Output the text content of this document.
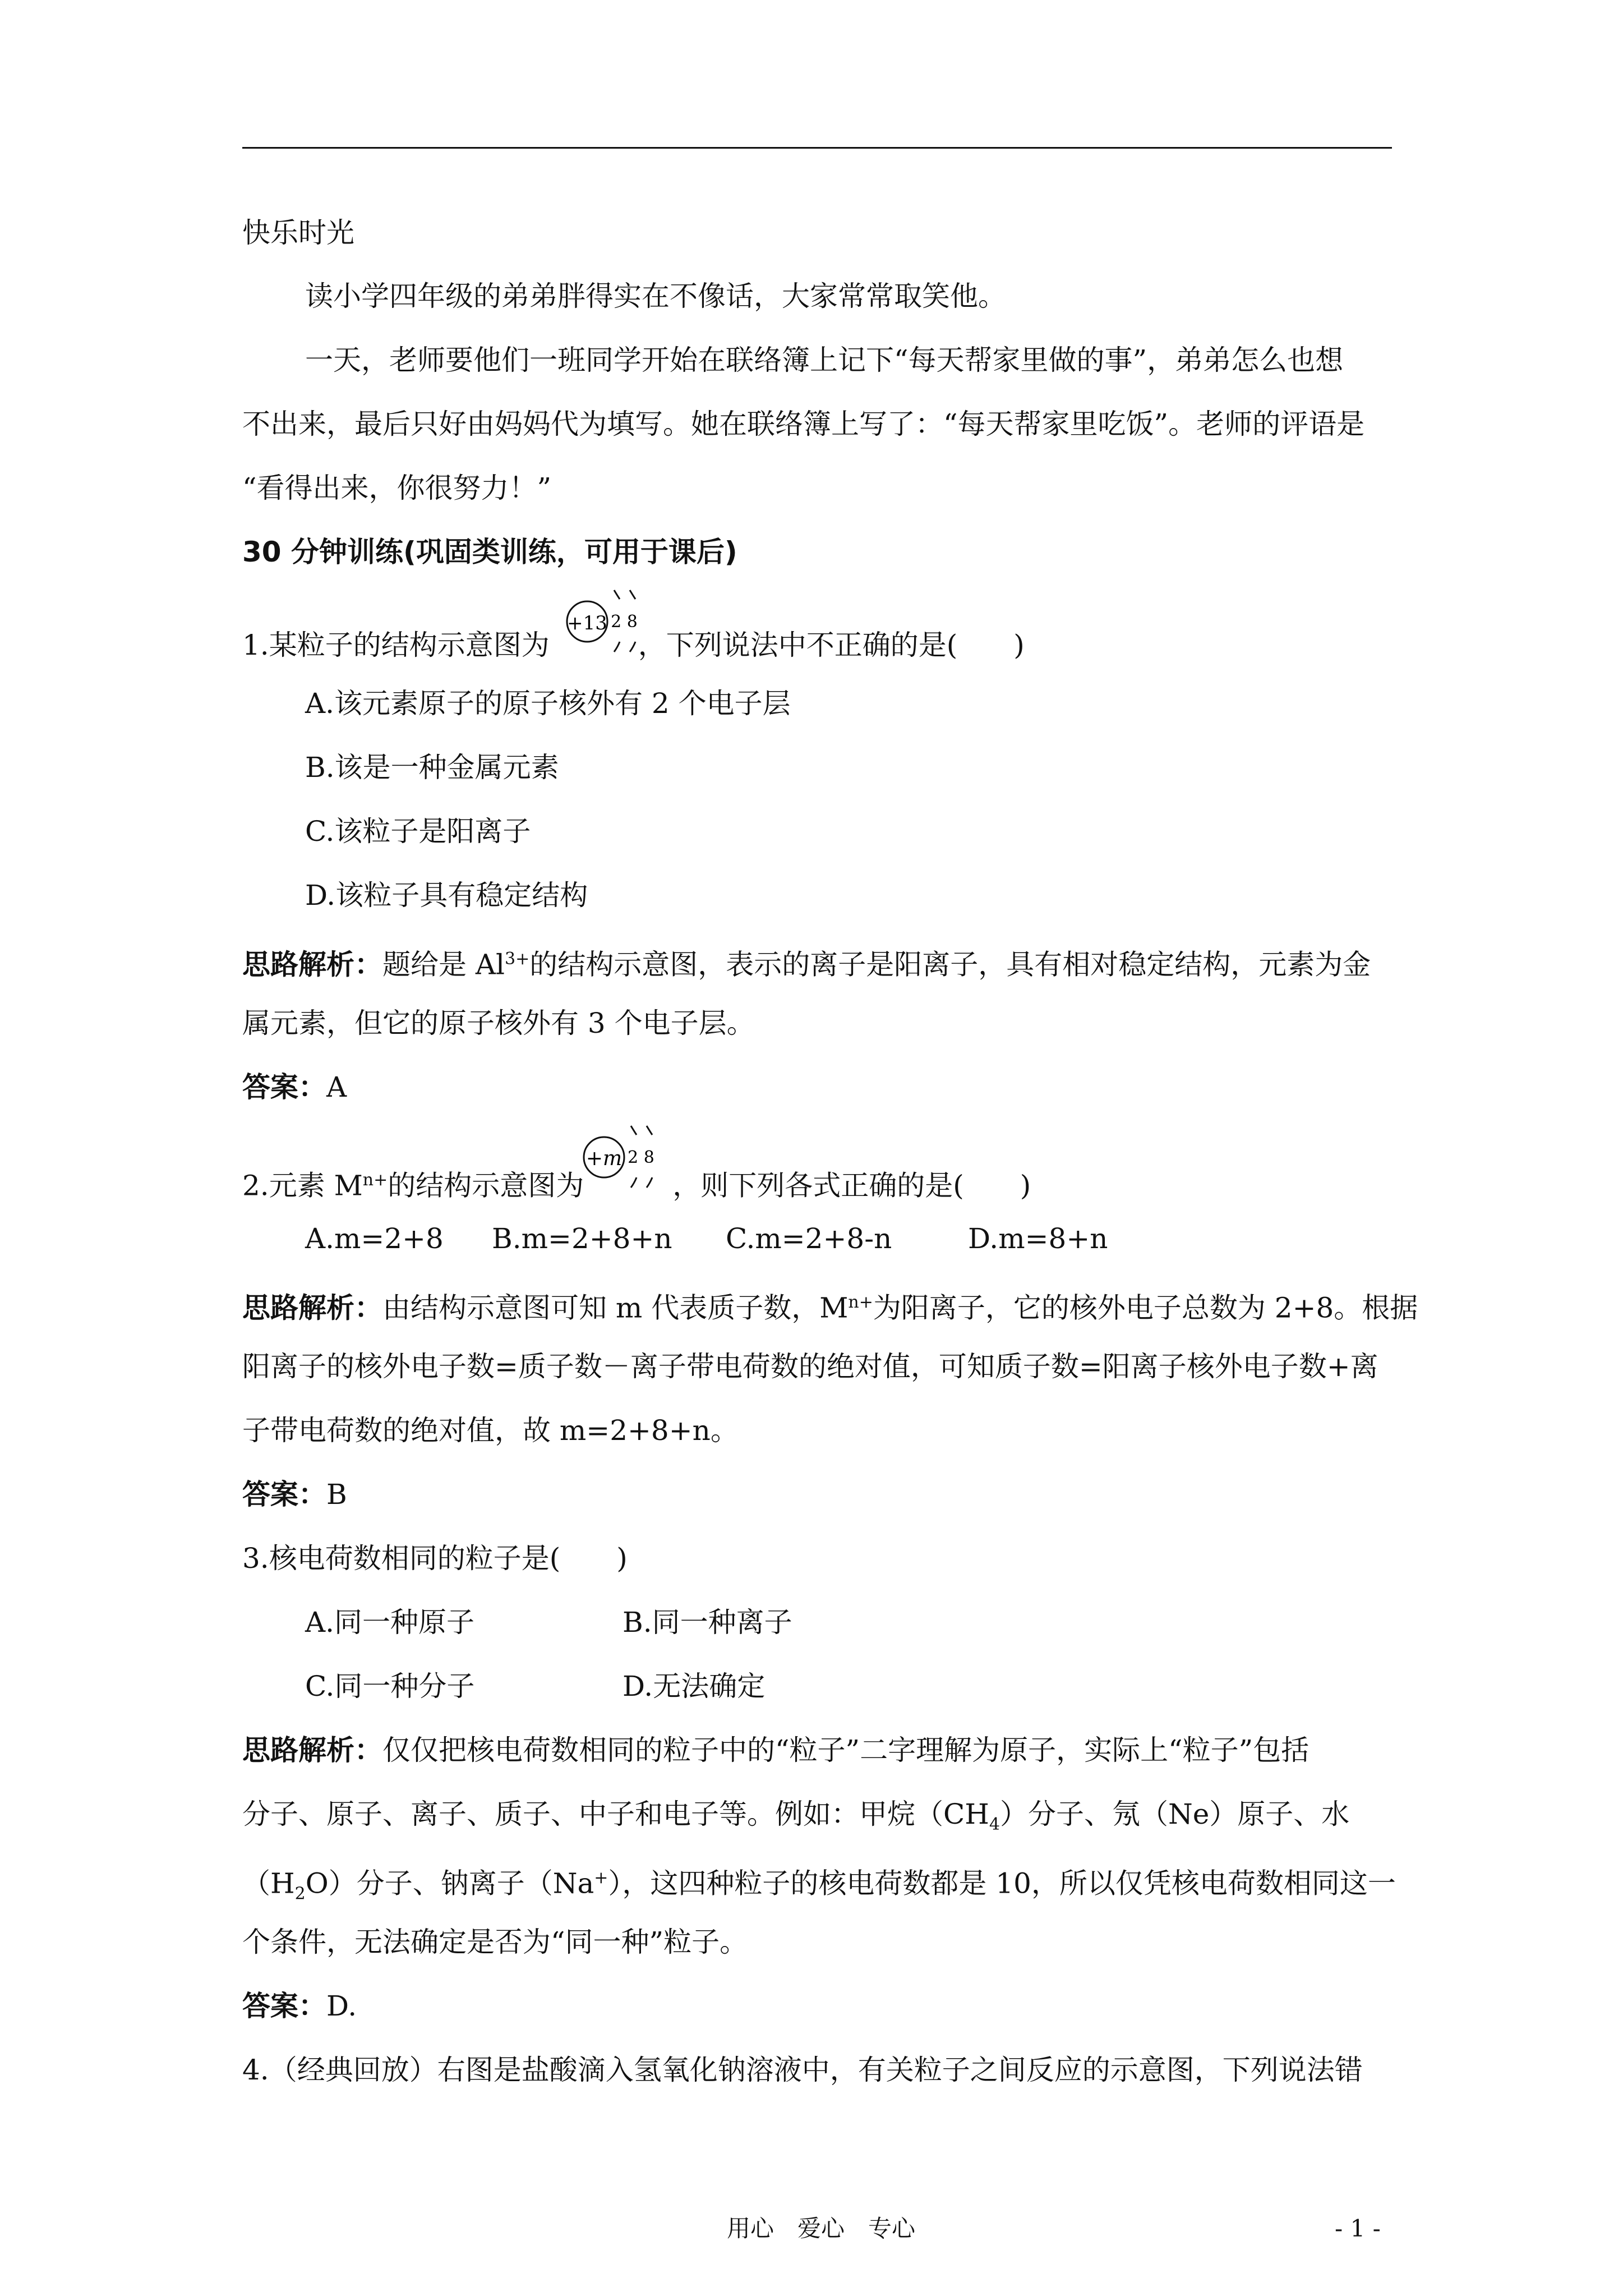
快乐时光
读小学四年级的弟弟胖得实在不像话，大家常常取笑他。
一天，老师要他们一班同学开始在联络簿上记下“每天帮家里做的事”，弟弟怎么也想
不出来，最后只好由妈妈代为填写。她在联络簿上写了：“每天帮家里吃饭”。老师的评语是
“看得出来，你很努力！”
30 分钟训练(巩固类训练，可用于课后)
1.某粒子的结构示意图为	，下列说法中不正确的是(　　)
+13 2 8
A.该元素原子的原子核外有 2 个电子层
B.该是一种金属元素
C.该粒子是阳离子
D.该粒子具有稳定结构
思路解析：题给是 $Al^{3+}$的结构示意图，表示的离子是阳离子，具有相对稳定结构，元素为金
属元素，但它的原子核外有 3 个电子层。
答案：A
2.元素 $M^{n+}$的结构示意图为	，则下列各式正确的是(　　)
+m 2 8
A.m=2+8 B.m=2+8+n C.m=2+8-n	D.m=8+n
思路解析：由结构示意图可知 m 代表质子数，$M^{n+}$为阳离子，它的核外电子总数为 2+8。根据
阳离子的核外电子数=质子数－离子带电荷数的绝对值，可知质子数=阳离子核外电子数+离
子带电荷数的绝对值，故 m=2+8+n。
答案：B
3.核电荷数相同的粒子是(　　)
A.同一种原子	B.同一种离子
C.同一种分子	D.无法确定
思路解析：仅仅把核电荷数相同的粒子中的“粒子”二字理解为原子，实际上“粒子”包括
分子、原子、离子、质子、中子和电子等。例如：甲烷$(CH_4)$分子、氖（Ne）原子、水
$(H_2O)$分子、钠离子（Na+），这四种粒子的核电荷数都是 10，所以仅凭核电荷数相同这一
个条件，无法确定是否为“同一种”粒子。
答案：D.
4.（经典回放）右图是盐酸滴入氢氧化钠溶液中，有关粒子之间反应的示意图，下列说法错
用心　爱心　专心	- 1 -
